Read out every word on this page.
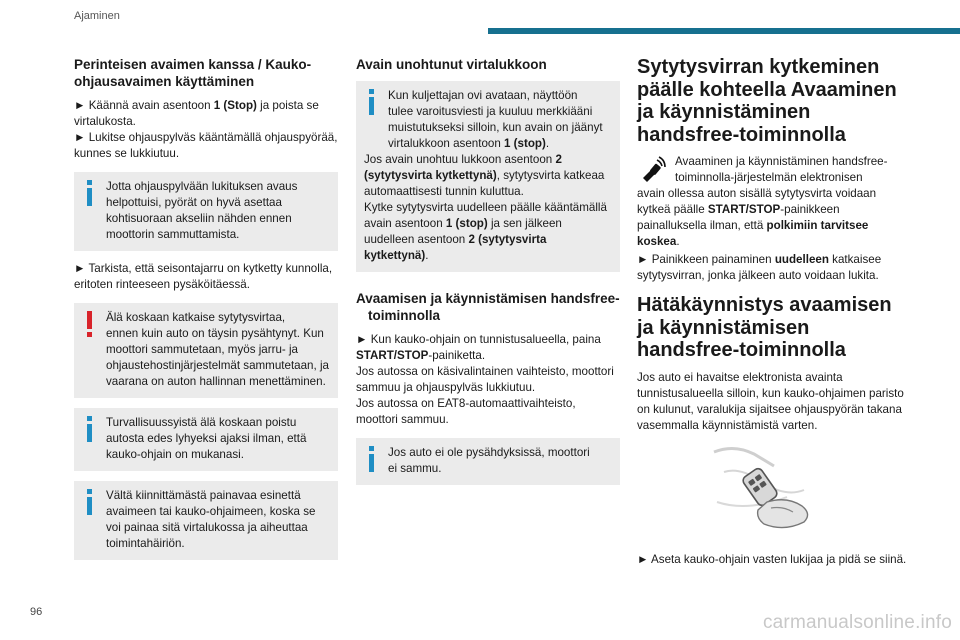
Ajaminen
Perinteisen avaimen kanssa / Kauko-ohjausavaimen käyttäminen

► Käännä avain asentoon 1 (Stop) ja poista se virtalukosta.

► Lukitse ohjauspylväs kääntämällä ohjauspyörää, kunnes se lukkiutuu.

Jotta ohjauspylvään lukituksen avaus
helpottuisi, pyörät on hyvä asettaa kohtisuoraan akseliin nähden ennen moottorin sammuttamista.

► Tarkista, että seisontajarru on kytketty kunnolla, eritoten rinteeseen pysäköitäessä.

Älä koskaan katkaise sytytysvirtaa,
ennen kuin auto on täysin pysähtynyt. Kun moottori sammutetaan, myös jarru- ja ohjaustehostinjärjestelmät sammutetaan, ja vaarana on auton hallinnan menettäminen.
Turvallisuussyistä älä koskaan poistu
autosta edes lyhyeksi ajaksi ilman, että kauko-ohjain on mukanasi.
Vältä kiinnittämästä painavaa esinettä
avaimeen tai kauko-ohjaimeen, koska se voi painaa sitä virtalukossa ja aiheuttaa toimintahäiriön.
Avain unohtunut virtalukkoon
Kun kuljettajan ovi avataan, näyttöön
tulee varoitusviesti ja kuuluu merkkiääni muistutukseksi silloin, kun avain on jäänyt virtalukkoon asentoon 1 (stop).
Jos avain unohtuu lukkoon asentoon 2 (sytytysvirta kytkettynä), sytytysvirta katkeaa automaattisesti tunnin kuluttua.
Kytke sytytysvirta uudelleen päälle kääntämällä avain asentoon 1 (stop) ja sen jälkeen uudelleen asentoon 2 (sytytysvirta kytkettynä).
Avaamisen ja käynnistämisen handsfree-toiminnolla

► Kun kauko-ohjain on tunnistusalueella, paina START/STOP-painiketta.

Jos autossa on käsivalintainen vaihteisto, moottori sammuu ja ohjauspylväs lukkiutuu.

Jos autossa on EAT8-automaattivaihteisto, moottori sammuu.

Jos auto ei ole pysähdyksissä, moottori
ei sammu.
Sytytysvirran kytkeminen päälle kohteella Avaaminen ja käynnistäminen handsfree-toiminnolla

Avaaminen ja käynnistäminen handsfree-

toiminnolla-järjestelmän elektronisen

avain ollessa auton sisällä sytytysvirta voidaan kytkeä päälle START/STOP-painikkeen painalluksella ilman, että polkimiin tarvitsee koskea.

► Painikkeen painaminen uudelleen katkaisee sytytysvirran, jonka jälkeen auto voidaan lukita.

Hätäkäynnistys avaamisen ja käynnistämisen handsfree-toiminnolla

Jos auto ei havaitse elektronista avainta tunnistusalueella silloin, kun kauko-ohjaimen paristo on kulunut, varalukija sijaitsee ohjauspyörän takana vasemmalla käynnistämistä varten.

► Aseta kauko-ohjain vasten lukijaa ja pidä se siinä.

96	carmanualsonline.info
